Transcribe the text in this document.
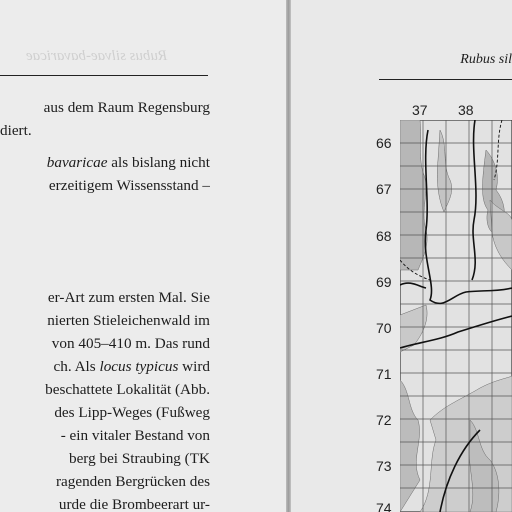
Rubus silvae-bavaricae
aus dem Raum Regensburg
diert.
bavaricae als bislang nicht
erzeitigem Wissensstand –
er-Art zum ersten Mal. Sie
nierten Stieleichenwald im
von 405–410 m. Das rund
ch. Als locus typicus wird
beschattete Lokalität (Abb.
des Lipp-Weges (Fußweg
- ein vitaler Bestand von
berg bei Straubing (TK
ragenden Bergrücken des
urde die Brombeerart ur-
Rubus sil
37 38
66
67
68
69
70
71
72
73
74
